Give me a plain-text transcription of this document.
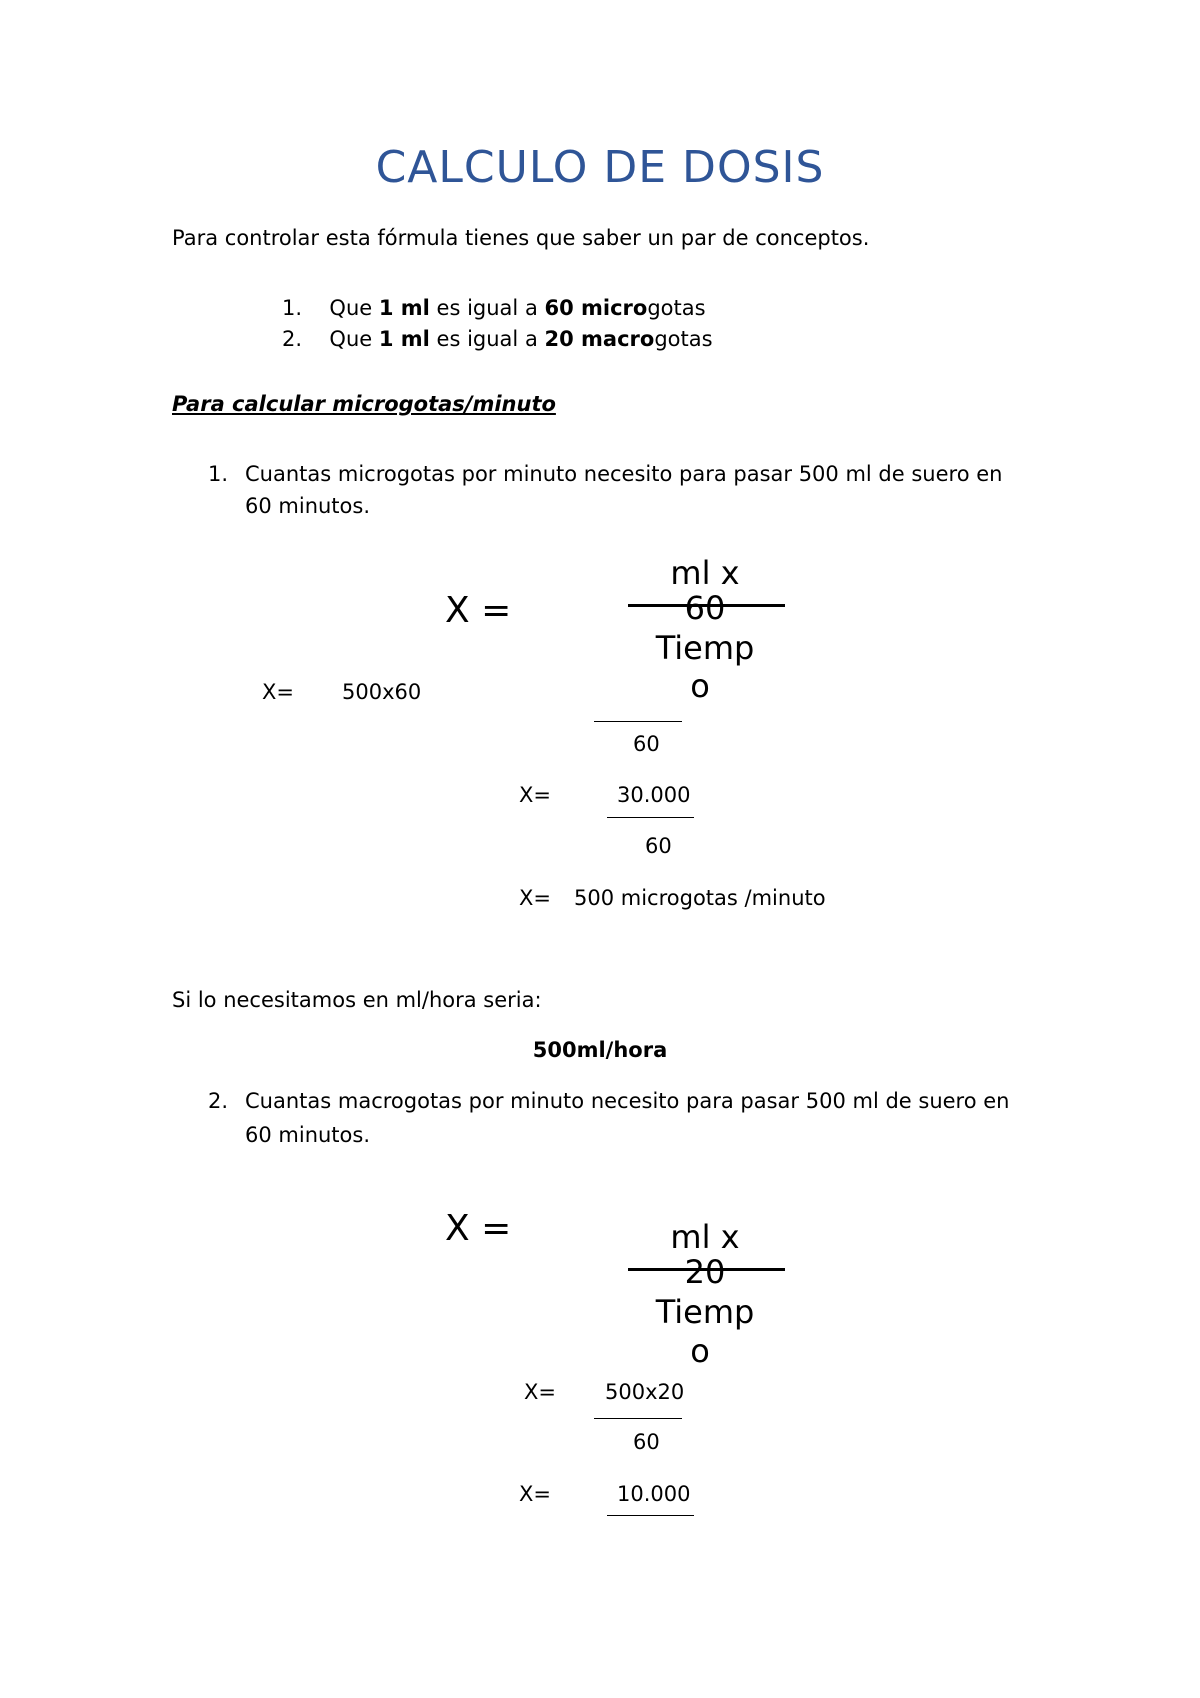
CALCULO DE DOSIS
Para controlar esta fórmula tienes que saber un par de conceptos.
1. Que 1 ml es igual a 60 microgotas
2. Que 1 ml es igual a 20 macrogotas
Para calcular microgotas/minuto
1. Cuantas microgotas por minuto necesito para pasar 500 ml de suero en
60 minutos.
X =
ml x
60
Tiemp
o
X= 500x60
60
X=	30.000
60
X= 500 microgotas /minuto
Si lo necesitamos en ml/hora seria:
500ml/hora
2. Cuantas macrogotas por minuto necesito para pasar 500 ml de suero en
60 minutos.
X =	ml x
20
Tiemp
o
X= 500x20
60
X=	10.000
